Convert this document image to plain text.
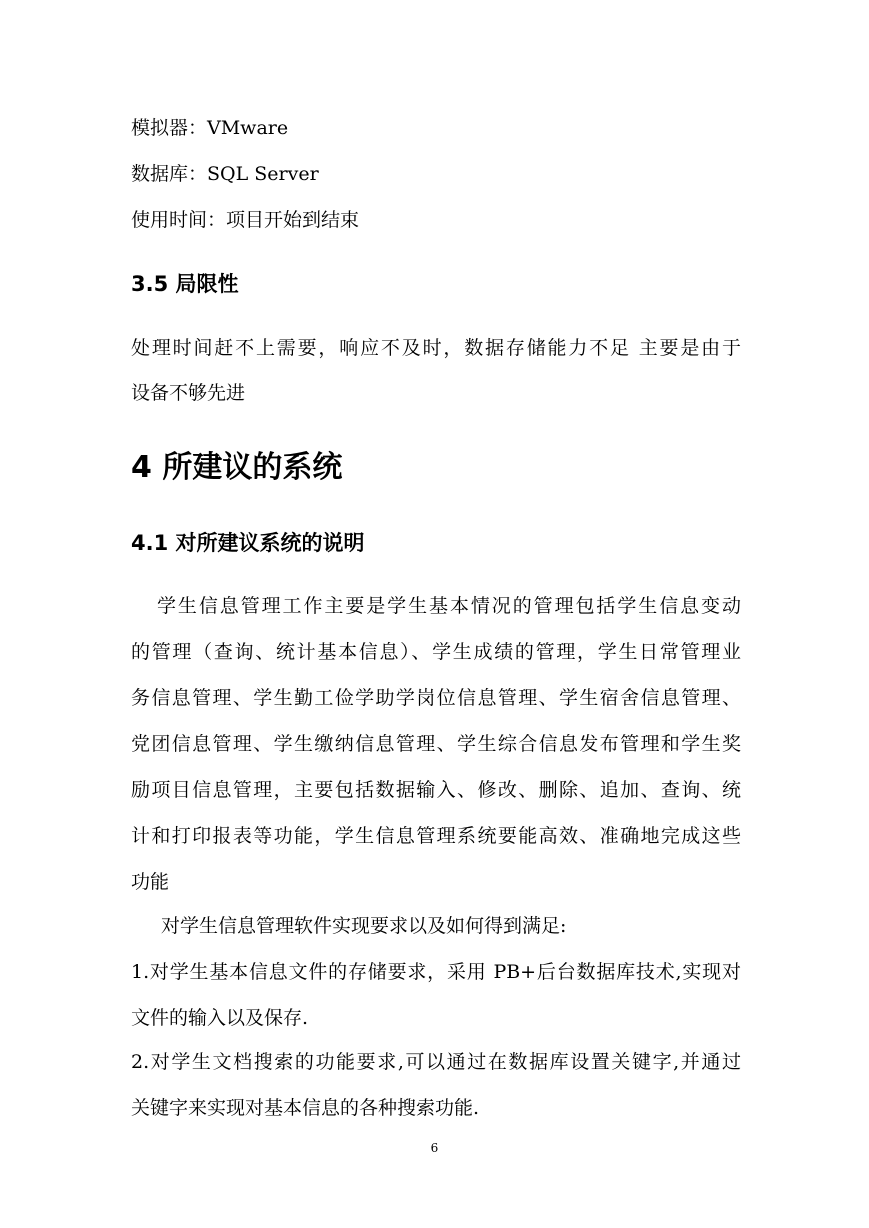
模拟器：VMware
数据库：SQL Server
使用时间：项目开始到结束
3.5 局限性
处理时间赶不上需要，响应不及时，数据存储能力不足 主要是由于
设备不够先进
4 所建议的系统
4.1 对所建议系统的说明
学生信息管理工作主要是学生基本情况的管理包括学生信息变动
的管理（查询、统计基本信息）、学生成绩的管理，学生日常管理业
务信息管理、学生勤工俭学助学岗位信息管理、学生宿舍信息管理、
党团信息管理、学生缴纳信息管理、学生综合信息发布管理和学生奖
励项目信息管理，主要包括数据输入、修改、删除、追加、查询、统
计和打印报表等功能，学生信息管理系统要能高效、准确地完成这些
功能
对学生信息管理软件实现要求以及如何得到满足:
1.对学生基本信息文件的存储要求，采用 PB+后台数据库技术,实现对
文件的输入以及保存.
2.对学生文档搜索的功能要求,可以通过在数据库设置关键字,并通过
关键字来实现对基本信息的各种搜索功能.
6
